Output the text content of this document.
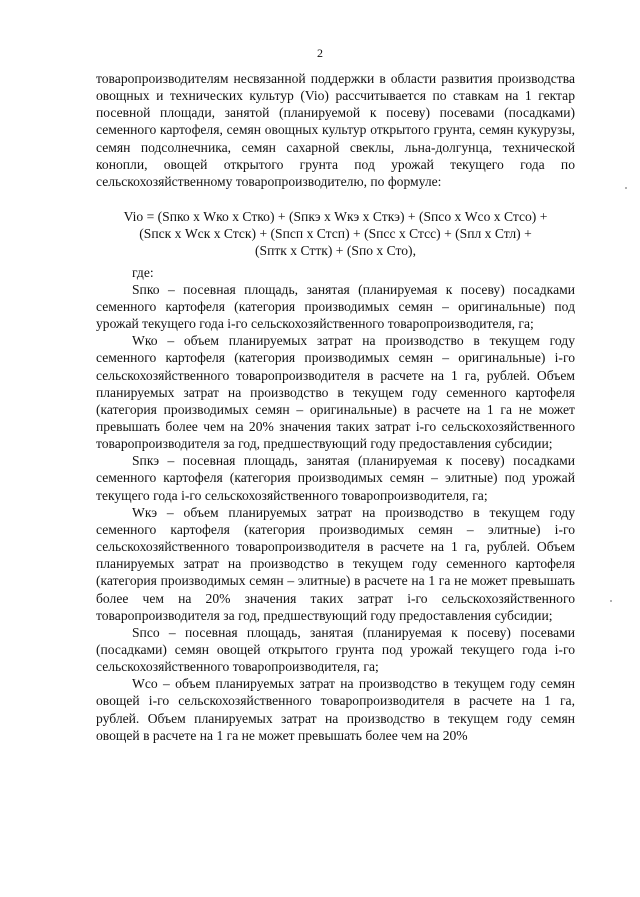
2

товаропроизводителям несвязанной поддержки в области развития производства овощных и технических культур (Vio) рассчитывается по ставкам на 1 гектар посевной площади, занятой (планируемой к посеву) посевами (посадками) семенного картофеля, семян овощных культур открытого грунта, семян кукурузы, семян подсолнечника, семян сахарной свеклы, льна-долгунца, технической конопли, овощей открытого грунта под урожай текущего года по сельскохозяйственному товаропроизводителю, по формуле:

Vio = (Sпко х Wко х Стко) + (Sпкэ х Wкэ х Сткэ) + (Sпсо х Wсо х Стсо) +
(Sпск х Wск х Стск) + (Sпсп х Стсп) + (Sпсс х Стсс) + (Sпл х Стл) +
(Sптк х Сттк) + (Sпо х Сто),

где:

Sпко – посевная площадь, занятая (планируемая к посеву) посадками семенного картофеля (категория производимых семян – оригинальные) под урожай текущего года i-го сельскохозяйственного товаропроизводителя, га;

Wко – объем планируемых затрат на производство в текущем году семенного картофеля (категория производимых семян – оригинальные) i-го сельскохозяйственного товаропроизводителя в расчете на 1 га, рублей. Объем планируемых затрат на производство в текущем году семенного картофеля (категория производимых семян – оригинальные) в расчете на 1 га не может превышать более чем на 20% значения таких затрат i-го сельскохозяйственного товаропроизводителя за год, предшествующий году предоставления субсидии;

Sпкэ – посевная площадь, занятая (планируемая к посеву) посадками семенного картофеля (категория производимых семян – элитные) под урожай текущего года i-го сельскохозяйственного товаропроизводителя, га;

Wкэ – объем планируемых затрат на производство в текущем году семенного картофеля (категория производимых семян – элитные) i-го сельскохозяйственного товаропроизводителя в расчете на 1 га, рублей. Объем планируемых затрат на производство в текущем году семенного картофеля (категория производимых семян – элитные) в расчете на 1 га не может превышать более чем на 20% значения таких затрат i-го сельскохозяйственного товаропроизводителя за год, предшествующий году предоставления субсидии;

Sпсо – посевная площадь, занятая (планируемая к посеву) посевами (посадками) семян овощей открытого грунта под урожай текущего года i-го сельскохозяйственного товаропроизводителя, га;

Wсо – объем планируемых затрат на производство в текущем году семян овощей i-го сельскохозяйственного товаропроизводителя в расчете на 1 га, рублей. Объем планируемых затрат на производство в текущем году семян овощей в расчете на 1 га не может превышать более чем на 20%
